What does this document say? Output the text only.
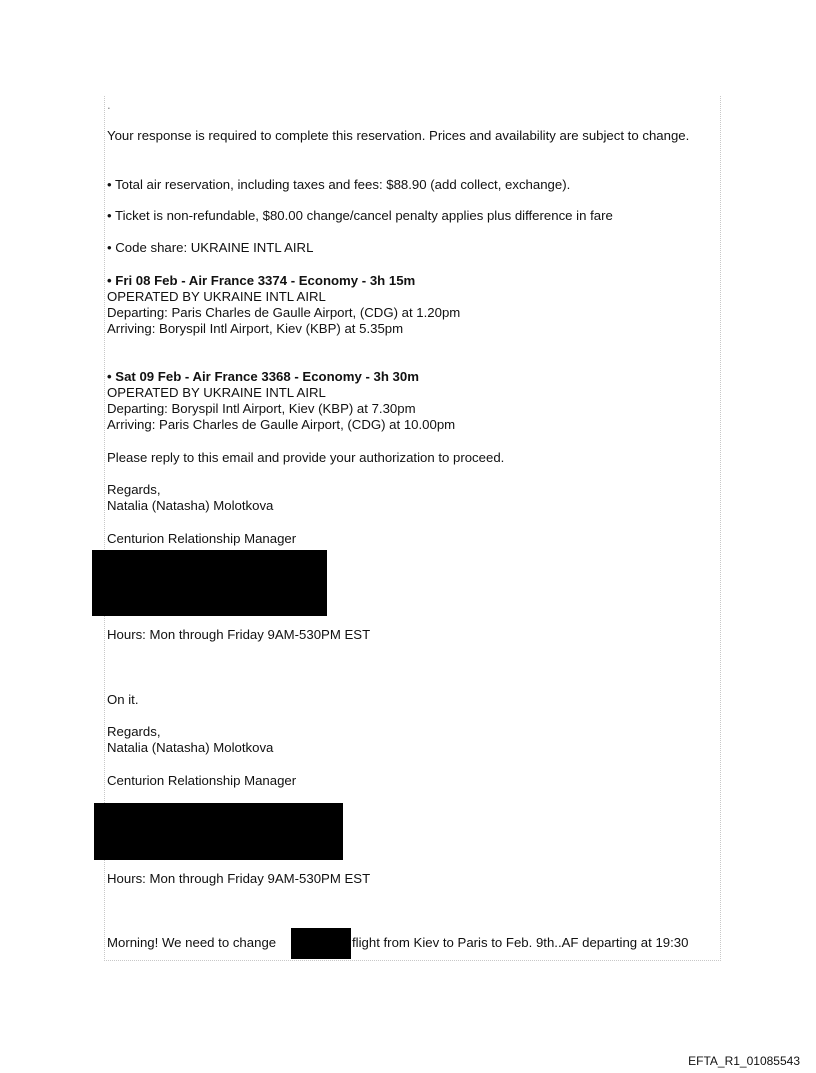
.
Your response is required to complete this reservation. Prices and availability are subject to change.
• Total air reservation, including taxes and fees: $88.90 (add collect, exchange).
• Ticket is non-refundable, $80.00 change/cancel penalty applies plus difference in fare
• Code share: UKRAINE INTL AIRL
• Fri 08 Feb - Air France 3374 - Economy - 3h 15m
OPERATED BY UKRAINE INTL AIRL
Departing: Paris Charles de Gaulle Airport, (CDG) at 1.20pm
Arriving: Boryspil Intl Airport, Kiev (KBP) at 5.35pm
• Sat 09 Feb - Air France 3368 - Economy - 3h 30m
OPERATED BY UKRAINE INTL AIRL
Departing: Boryspil Intl Airport, Kiev (KBP) at 7.30pm
Arriving: Paris Charles de Gaulle Airport, (CDG) at 10.00pm
Please reply to this email and provide your authorization to proceed.
Regards,
Natalia (Natasha) Molotkova
Centurion Relationship Manager
Hours: Mon through Friday 9AM-530PM EST
On it.
Regards,
Natalia (Natasha) Molotkova
Centurion Relationship Manager
Hours: Mon through Friday 9AM-530PM EST
Morning! We need to change	flight from Kiev to Paris to Feb. 9th..AF departing at 19:30
EFTA_R1_01085543
